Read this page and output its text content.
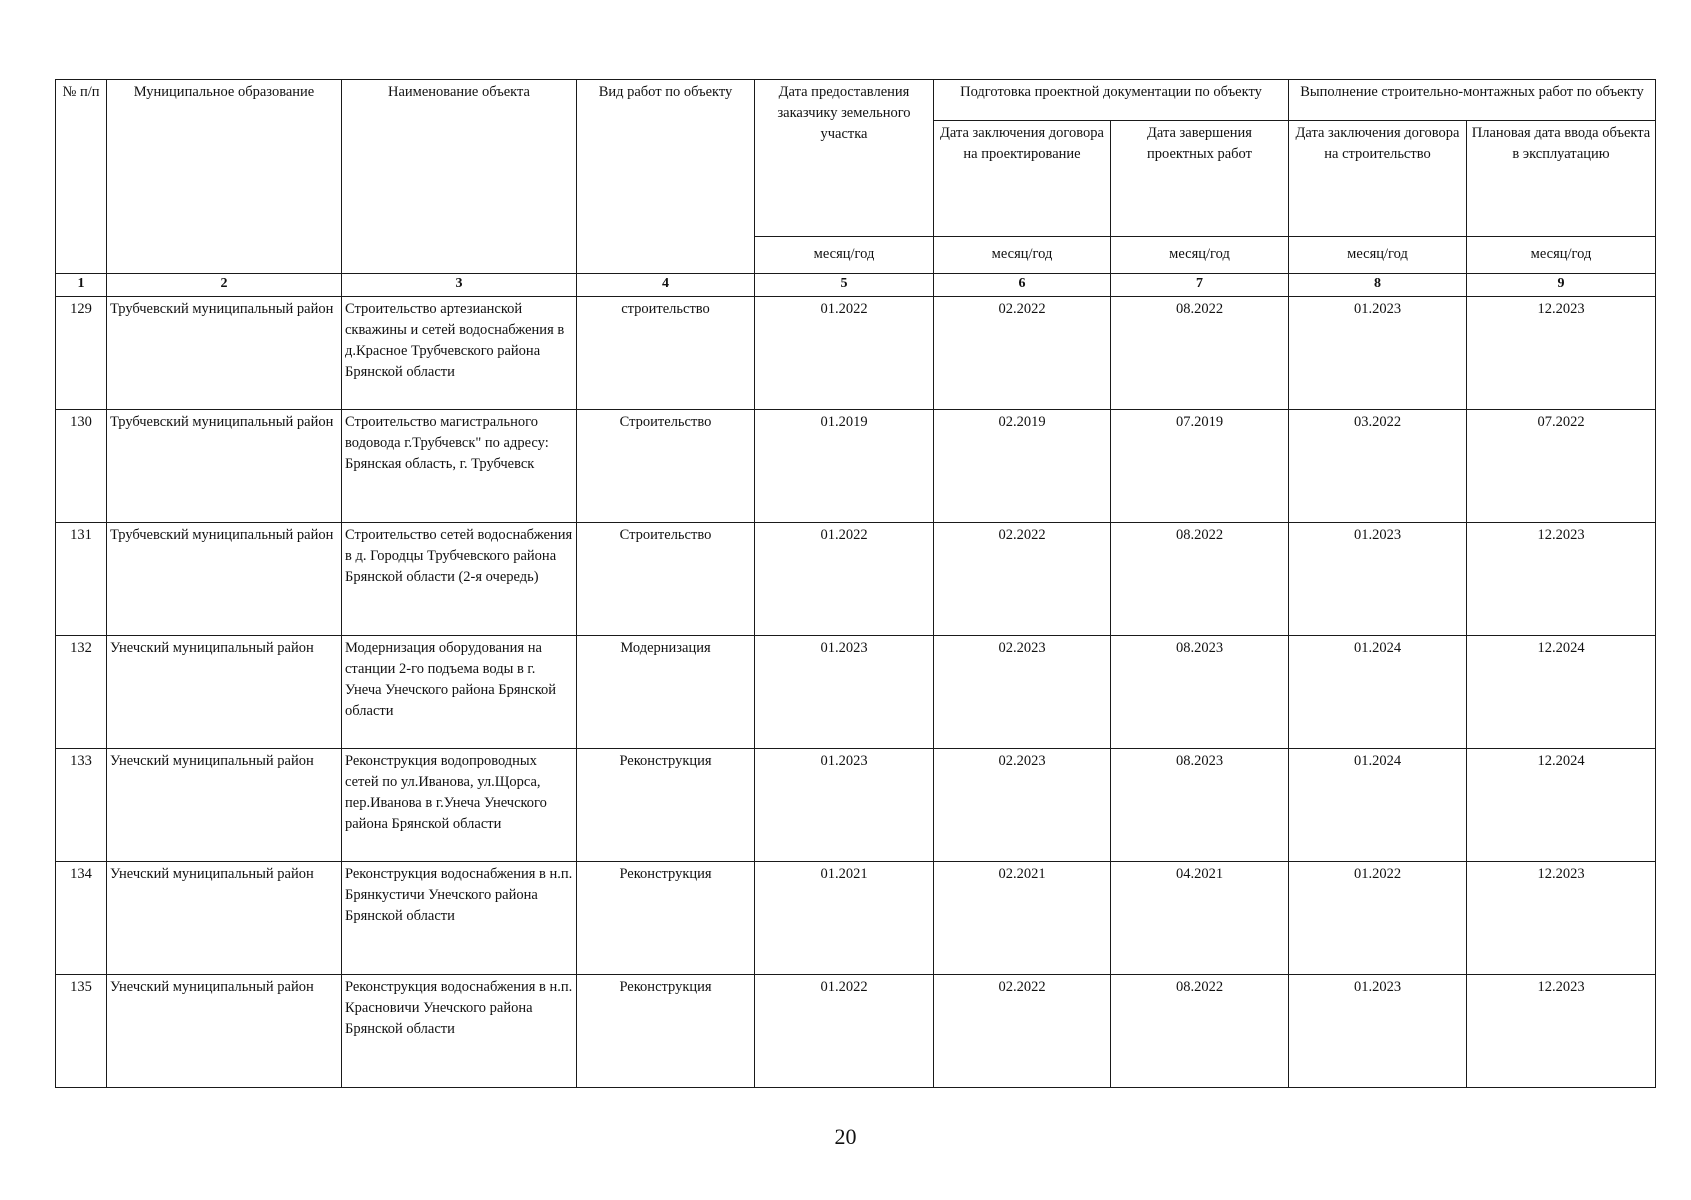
№ п/п	Муниципальное образование	Наименование объекта	Вид работ по объекту	Дата предоставления заказчику земельного участка	Подготовка проектной документации по объекту		Выполнение строительно-монтажных работ по объекту	
					Дата заключения договора на проектирование	Дата завершения проектных работ	Дата заключения договора на строительство	Плановая дата ввода объекта в эксплуатацию
				месяц/год	месяц/год	месяц/год	месяц/год	месяц/год
1	2	3	4	5	6	7	8	9
129	Трубчевский муниципальный район	Строительство артезианской скважины и сетей водоснабжения в д.Красное Трубчевского района Брянской области	строительство	01.2022	02.2022	08.2022	01.2023	12.2023
130	Трубчевский муниципальный район	Строительство магистрального водовода г.Трубчевск" по адресу: Брянская область, г. Трубчевск	Строительство	01.2019	02.2019	07.2019	03.2022	07.2022
131	Трубчевский муниципальный район	Строительство сетей водоснабжения в д. Городцы Трубчевского района Брянской области (2-я очередь)	Строительство	01.2022	02.2022	08.2022	01.2023	12.2023
132	Унечский муниципальный район	Модернизация оборудования на станции 2-го подъема воды в г. Унеча Унечского района Брянской области	Модернизация	01.2023	02.2023	08.2023	01.2024	12.2024
133	Унечский муниципальный район	Реконструкция водопроводных сетей по ул.Иванова, ул.Щорса, пер.Иванова в г.Унеча Унечского района Брянской области	Реконструкция	01.2023	02.2023	08.2023	01.2024	12.2024
134	Унечский муниципальный район	Реконструкция водоснабжения в н.п. Брянкустичи Унечского района Брянской области	Реконструкция	01.2021	02.2021	04.2021	01.2022	12.2023
135	Унечский муниципальный район	Реконструкция водоснабжения в н.п. Красновичи Унечского района Брянской области	Реконструкция	01.2022	02.2022	08.2022	01.2023	12.2023
20
